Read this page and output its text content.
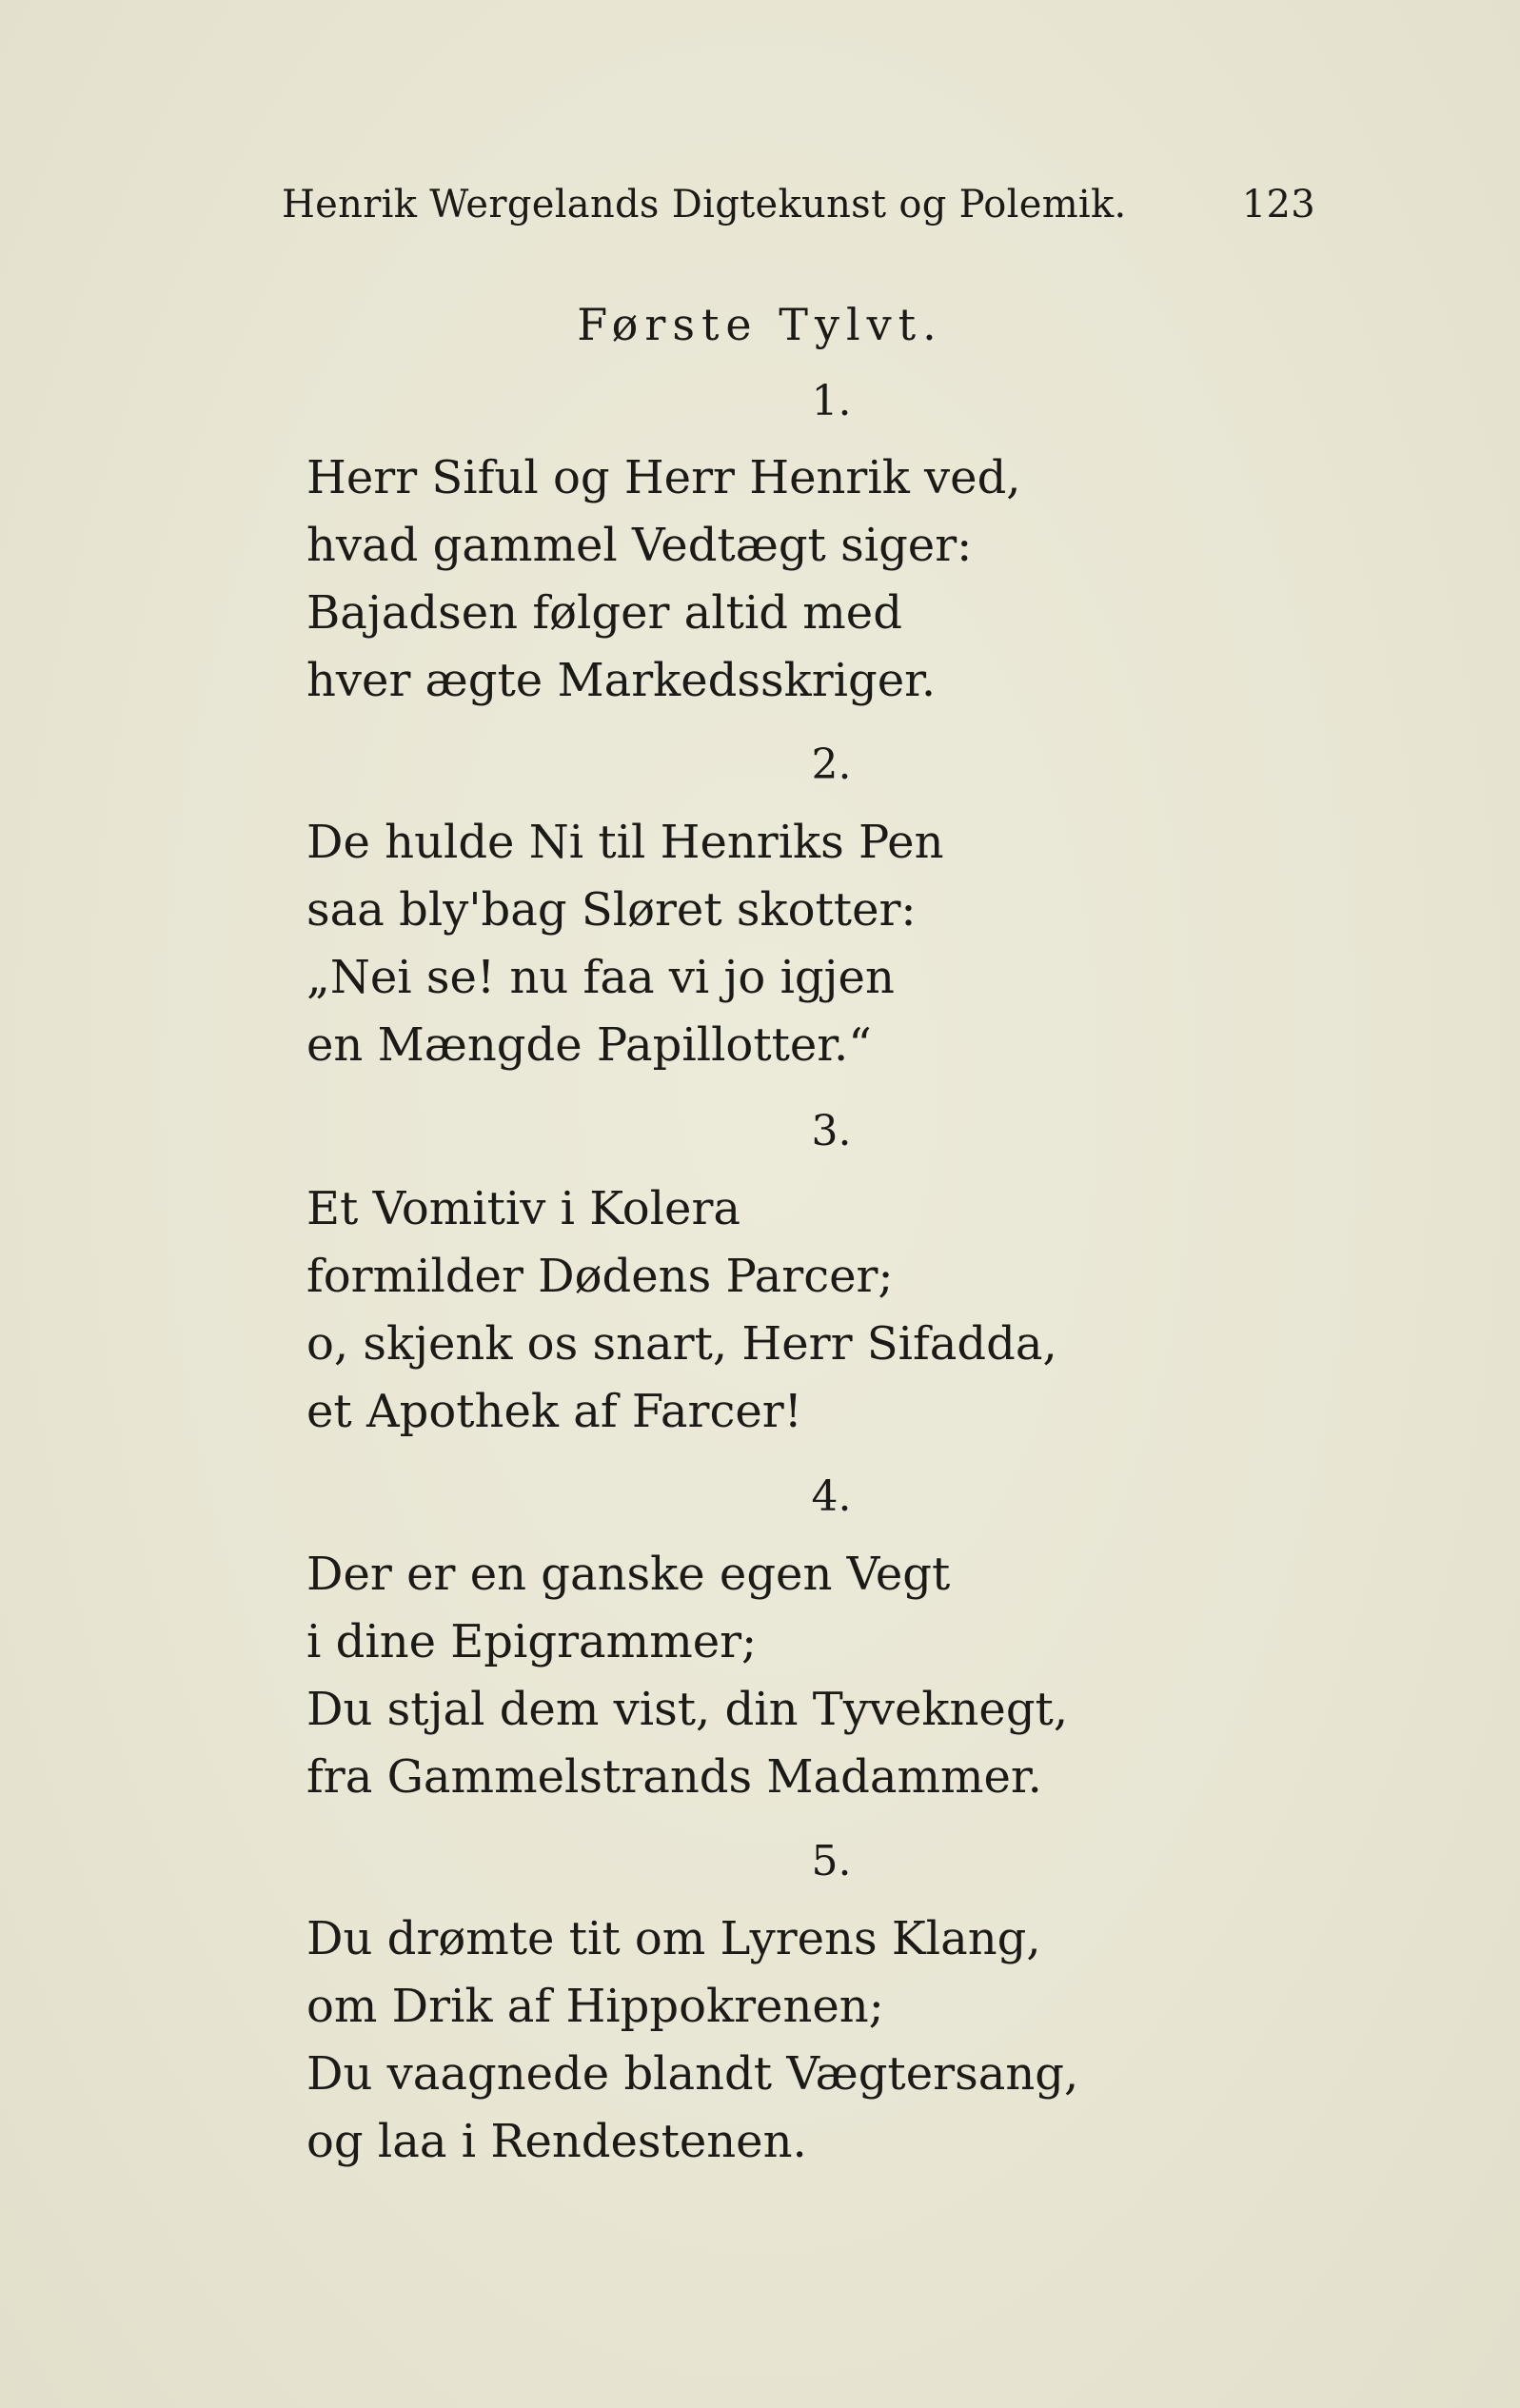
Henrik Wergelands Digtekunst og Polemik.	123
Første Tylvt.
1.
Herr Siful og Herr Henrik ved,
hvad gammel Vedtægt siger:
Bajadsen følger altid med
hver ægte Markedsskriger.
2.
De hulde Ni til Henriks Pen
saa bly'bag Sløret skotter:
„Nei se! nu faa vi jo igjen
en Mængde Papillotter.“
3.
Et Vomitiv i Kolera
formilder Dødens Parcer;
o, skjenk os snart, Herr Sifadda,
et Apothek af Farcer!
4.
Der er en ganske egen Vegt
i dine Epigrammer;
Du stjal dem vist, din Tyveknegt,
fra Gammelstrands Madammer.
5.
Du drømte tit om Lyrens Klang,
om Drik af Hippokrenen;
Du vaagnede blandt Vægtersang,
og laa i Rendestenen.
